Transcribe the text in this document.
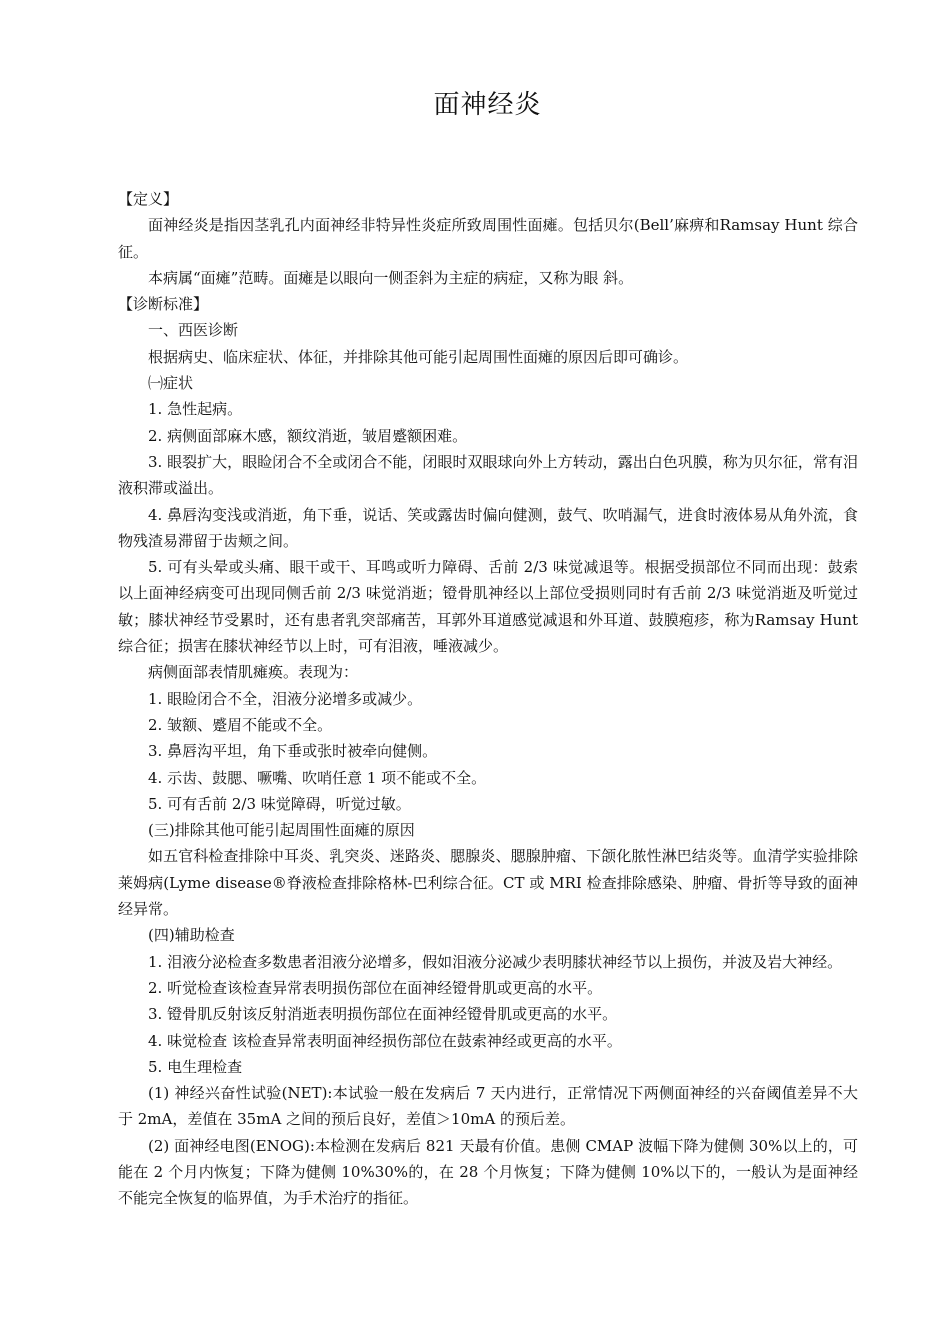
面神经炎

【定义】

面神经炎是指因茎乳孔内面神经非特异性炎症所致周围性面瘫。包括贝尔(Bell’麻痹和Ramsay Hunt 综合征。

本病属“面瘫”范畴。面瘫是以眼向一侧歪斜为主症的病症，又称为眼 斜。

【诊断标准】

一、西医诊断

根据病史、临床症状、体征，并排除其他可能引起周围性面瘫的原因后即可确诊。

㈠症状

1. 急性起病。

2. 病侧面部麻木感，额纹消逝，皱眉蹙额困难。

3. 眼裂扩大，眼睑闭合不全或闭合不能，闭眼时双眼球向外上方转动，露出白色巩膜，称为贝尔征，常有泪液积滞或溢出。

4. 鼻唇沟变浅或消逝，角下垂，说话、笑或露齿时偏向健测，鼓气、吹哨漏气，进食时液体易从角外流，食物残渣易滞留于齿颊之间。

5. 可有头晕或头痛、眼干或干、耳鸣或听力障碍、舌前 2/3 味觉减退等。根据受损部位不同而出现：鼓索以上面神经病变可出现同侧舌前 2/3 味觉消逝；镫骨肌神经以上部位受损则同时有舌前 2/3 味觉消逝及听觉过敏；膝状神经节受累时，还有患者乳突部痛苦，耳郭外耳道感觉减退和外耳道、鼓膜疱疹，称为Ramsay Hunt综合征；损害在膝状神经节以上时，可有泪液，唾液减少。

病侧面部表情肌瘫痪。表现为：

1. 眼睑闭合不全，泪液分泌增多或减少。

2. 皱额、蹙眉不能或不全。

3. 鼻唇沟平坦，角下垂或张时被牵向健侧。

4. 示齿、鼓腮、噘嘴、吹哨任意 1 项不能或不全。

5. 可有舌前 2/3 味觉障碍，听觉过敏。

(三)排除其他可能引起周围性面瘫的原因

如五官科检查排除中耳炎、乳突炎、迷路炎、腮腺炎、腮腺肿瘤、下颌化脓性淋巴结炎等。血清学实验排除莱姆病(Lyme disease®脊液检查排除格林-巴利综合征。CT 或 MRI 检查排除感染、肿瘤、骨折等导致的面神经异常。

(四)辅助检查

1. 泪液分泌检查多数患者泪液分泌增多，假如泪液分泌减少表明膝状神经节以上损伤，并波及岩大神经。

2. 听觉检查该检查异常表明损伤部位在面神经镫骨肌或更高的水平。

3. 镫骨肌反射该反射消逝表明损伤部位在面神经镫骨肌或更高的水平。

4. 味觉检查 该检查异常表明面神经损伤部位在鼓索神经或更高的水平。

5. 电生理检查

(1) 神经兴奋性试验(NET):本试验一般在发病后 7 天内进行，正常情况下两侧面神经的兴奋阈值差异不大于 2mA，差值在 35mA 之间的预后良好，差值＞10mA 的预后差。

(2) 面神经电图(ENOG):本检测在发病后 821 天最有价值。患侧 CMAP 波幅下降为健侧 30%以上的，可能在 2 个月内恢复；下降为健侧 10%30%的，在 28 个月恢复；下降为健侧 10%以下的，一般认为是面神经不能完全恢复的临界值，为手术治疗的指征。
